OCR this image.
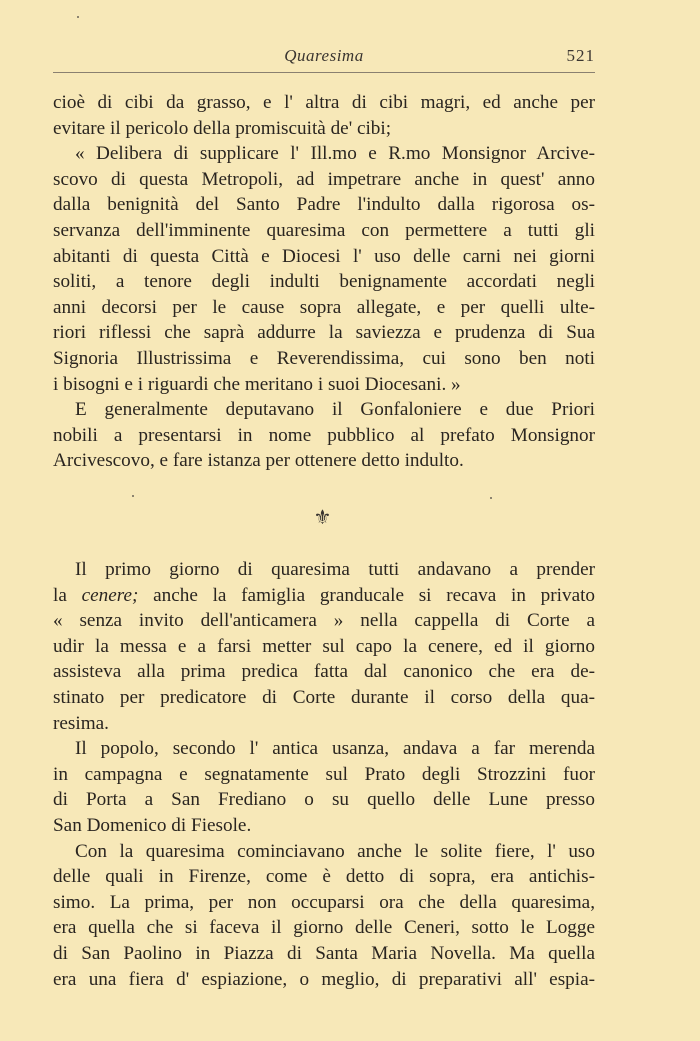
Quaresima	521
cioè di cibi da grasso, e l' altra di cibi magri, ed anche per
evitare il pericolo della promiscuità de' cibi;
« Delibera di supplicare l' Ill.mo e R.mo Monsignor Arcive-
scovo di questa Metropoli, ad impetrare anche in quest' anno
dalla benignità del Santo Padre l'indulto dalla rigorosa os-
servanza dell'imminente quaresima con permettere a tutti gli
abitanti di questa Città e Diocesi l' uso delle carni nei giorni
soliti, a tenore degli indulti benignamente accordati negli
anni decorsi per le cause sopra allegate, e per quelli ulte-
riori riflessi che saprà addurre la saviezza e prudenza di Sua
Signoria Illustrissima e Reverendissima, cui sono ben noti
i bisogni e i riguardi che meritano i suoi Diocesani. »
E generalmente deputavano il Gonfaloniere e due Priori
nobili a presentarsi in nome pubblico al prefato Monsignor
Arcivescovo, e fare istanza per ottenere detto indulto.
⚜
Il primo giorno di quaresima tutti andavano a prender
la cenere; anche la famiglia granducale si recava in privato
« senza invito dell'anticamera » nella cappella di Corte a
udir la messa e a farsi metter sul capo la cenere, ed il giorno
assisteva alla prima predica fatta dal canonico che era de-
stinato per predicatore di Corte durante il corso della qua-
resima.
Il popolo, secondo l' antica usanza, andava a far merenda
in campagna e segnatamente sul Prato degli Strozzini fuor
di Porta a San Frediano o su quello delle Lune presso
San Domenico di Fiesole.
Con la quaresima cominciavano anche le solite fiere, l' uso
delle quali in Firenze, come è detto di sopra, era antichis-
simo. La prima, per non occuparsi ora che della quaresima,
era quella che si faceva il giorno delle Ceneri, sotto le Logge
di San Paolino in Piazza di Santa Maria Novella. Ma quella
era una fiera d' espiazione, o meglio, di preparativi all' espia-
